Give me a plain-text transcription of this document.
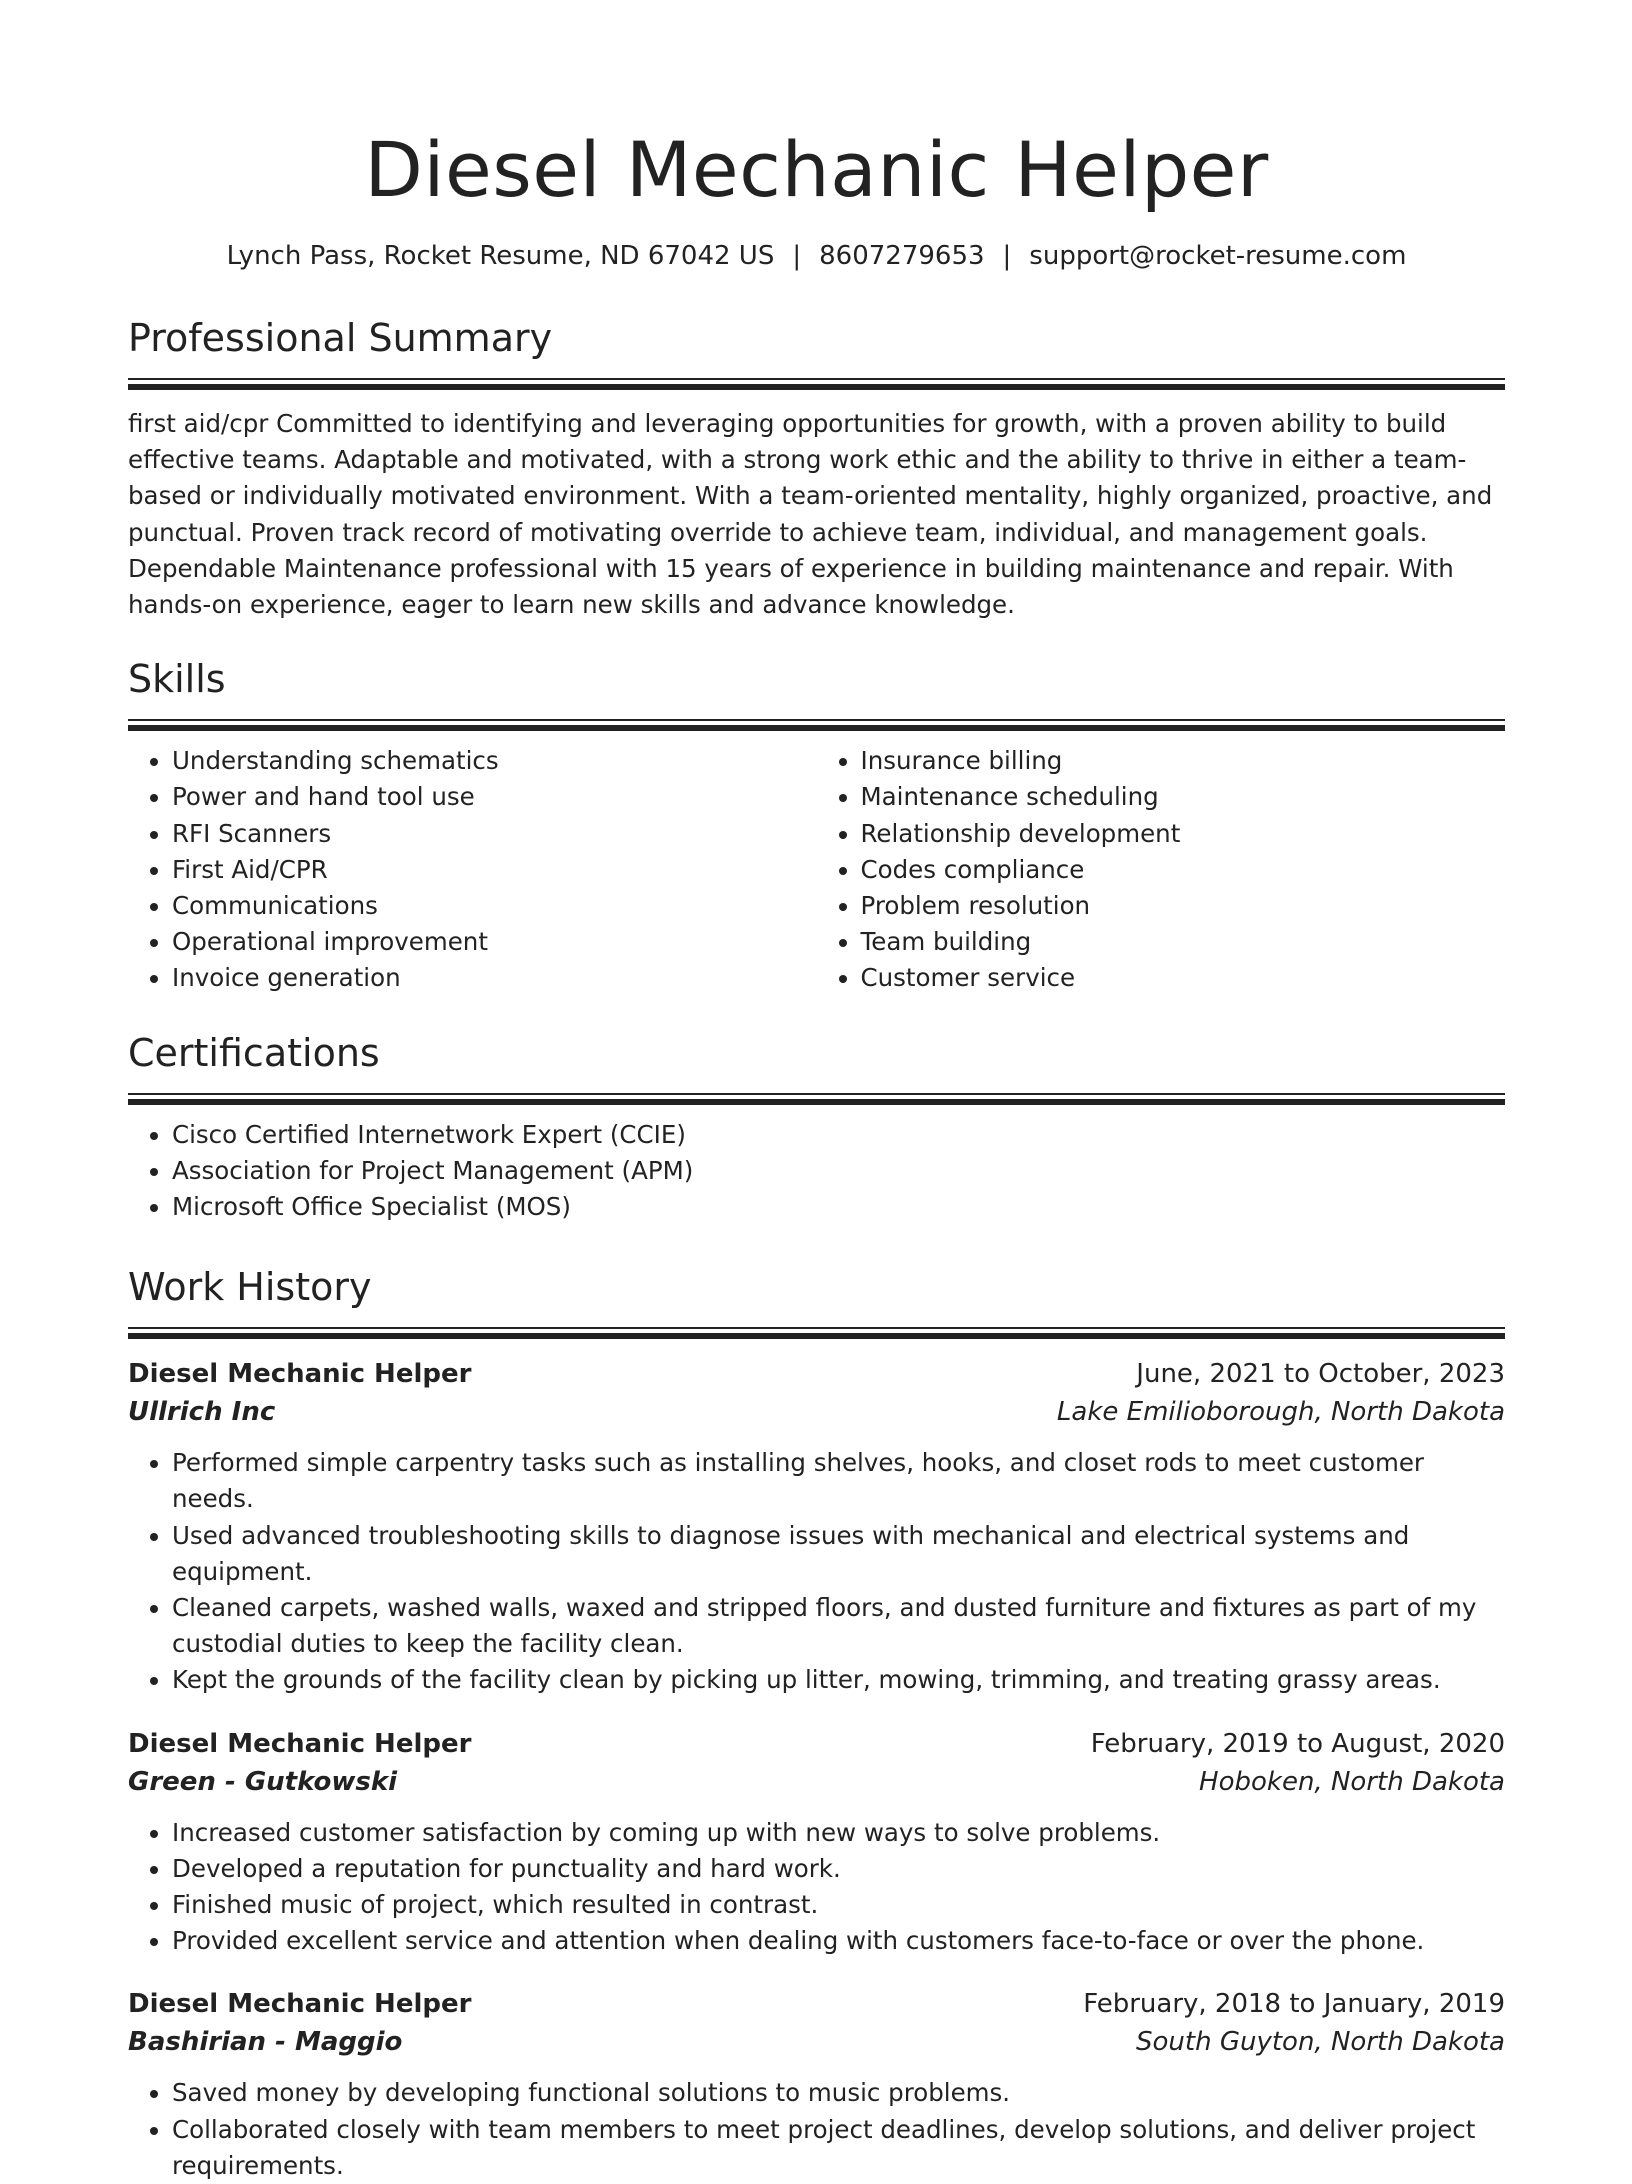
Diesel Mechanic Helper
Lynch Pass, Rocket Resume, ND 67042 US | 8607279653 | support@rocket-resume.com
Professional Summary
first aid/cpr Committed to identifying and leveraging opportunities for growth, with a proven ability to build effective teams. Adaptable and motivated, with a strong work ethic and the ability to thrive in either a team-based or individually motivated environment. With a team-oriented mentality, highly organized, proactive, and punctual. Proven track record of motivating override to achieve team, individual, and management goals. Dependable Maintenance professional with 15 years of experience in building maintenance and repair. With hands-on experience, eager to learn new skills and advance knowledge.
Skills
• Understanding schematics
• Power and hand tool use
• RFI Scanners
• First Aid/CPR
• Communications
• Operational improvement
• Invoice generation
• Insurance billing
• Maintenance scheduling
• Relationship development
• Codes compliance
• Problem resolution
• Team building
• Customer service
Certifications
• Cisco Certified Internetwork Expert (CCIE)
• Association for Project Management (APM)
• Microsoft Office Specialist (MOS)
Work History
Diesel Mechanic Helper	June, 2021 to October, 2023
Ullrich Inc	Lake Emilioborough, North Dakota
• Performed simple carpentry tasks such as installing shelves, hooks, and closet rods to meet customer needs.
• Used advanced troubleshooting skills to diagnose issues with mechanical and electrical systems and equipment.
• Cleaned carpets, washed walls, waxed and stripped floors, and dusted furniture and fixtures as part of my custodial duties to keep the facility clean.
• Kept the grounds of the facility clean by picking up litter, mowing, trimming, and treating grassy areas.
Diesel Mechanic Helper	February, 2019 to August, 2020
Green - Gutkowski	Hoboken, North Dakota
• Increased customer satisfaction by coming up with new ways to solve problems.
• Developed a reputation for punctuality and hard work.
• Finished music of project, which resulted in contrast.
• Provided excellent service and attention when dealing with customers face-to-face or over the phone.
Diesel Mechanic Helper	February, 2018 to January, 2019
Bashirian - Maggio	South Guyton, North Dakota
• Saved money by developing functional solutions to music problems.
• Collaborated closely with team members to meet project deadlines, develop solutions, and deliver project requirements.
